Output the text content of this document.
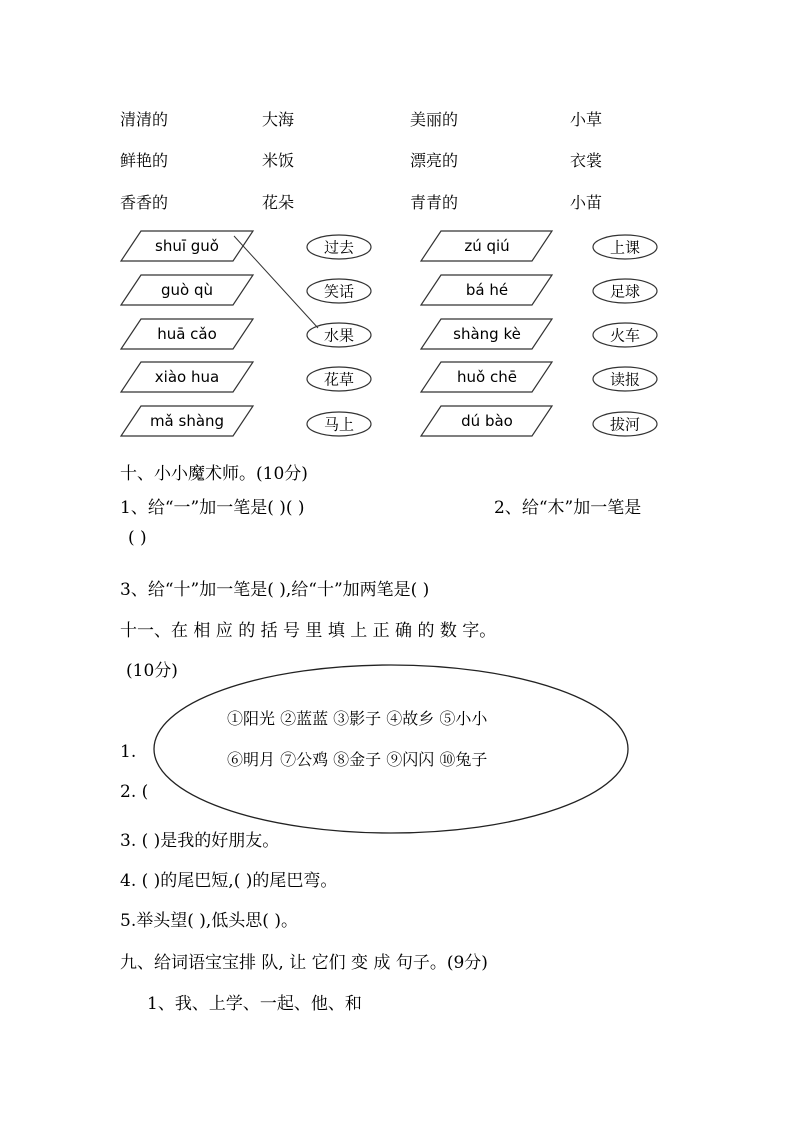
清清的	大海	美丽的	小草
鲜艳的	米饭	漂亮的	衣裳
香香的	花朵	青青的	小苗
shuī guǒ
guò qù
huā cǎo
xiào hua
mǎ shàng
zú qiú
bá hé
shàng kè
huǒ chē
dú bào
过去
笑话
水果
花草
马上
上课
足球
火车
读报
拔河
十、小小魔术师。(10分)
1、给“一”加一笔是( )( )	2、给“木”加一笔是
( )
3、给“十”加一笔是( ),给“十”加两笔是( )
十一、在 相 应 的 括 号 里 填 上 正 确 的 数 字。
(10分)
1.
2. (
①阳光 ②蓝蓝 ③影子 ④故乡 ⑤小小
⑥明月 ⑦公鸡 ⑧金子 ⑨闪闪 ⑩兔子
3. ( )是我的好朋友。
4. ( )的尾巴短,( )的尾巴弯。
5.举头望( ),低头思( )。
九、给词语宝宝排 队, 让 它们 变 成 句子。(9分)
1、我、上学、一起、他、和
